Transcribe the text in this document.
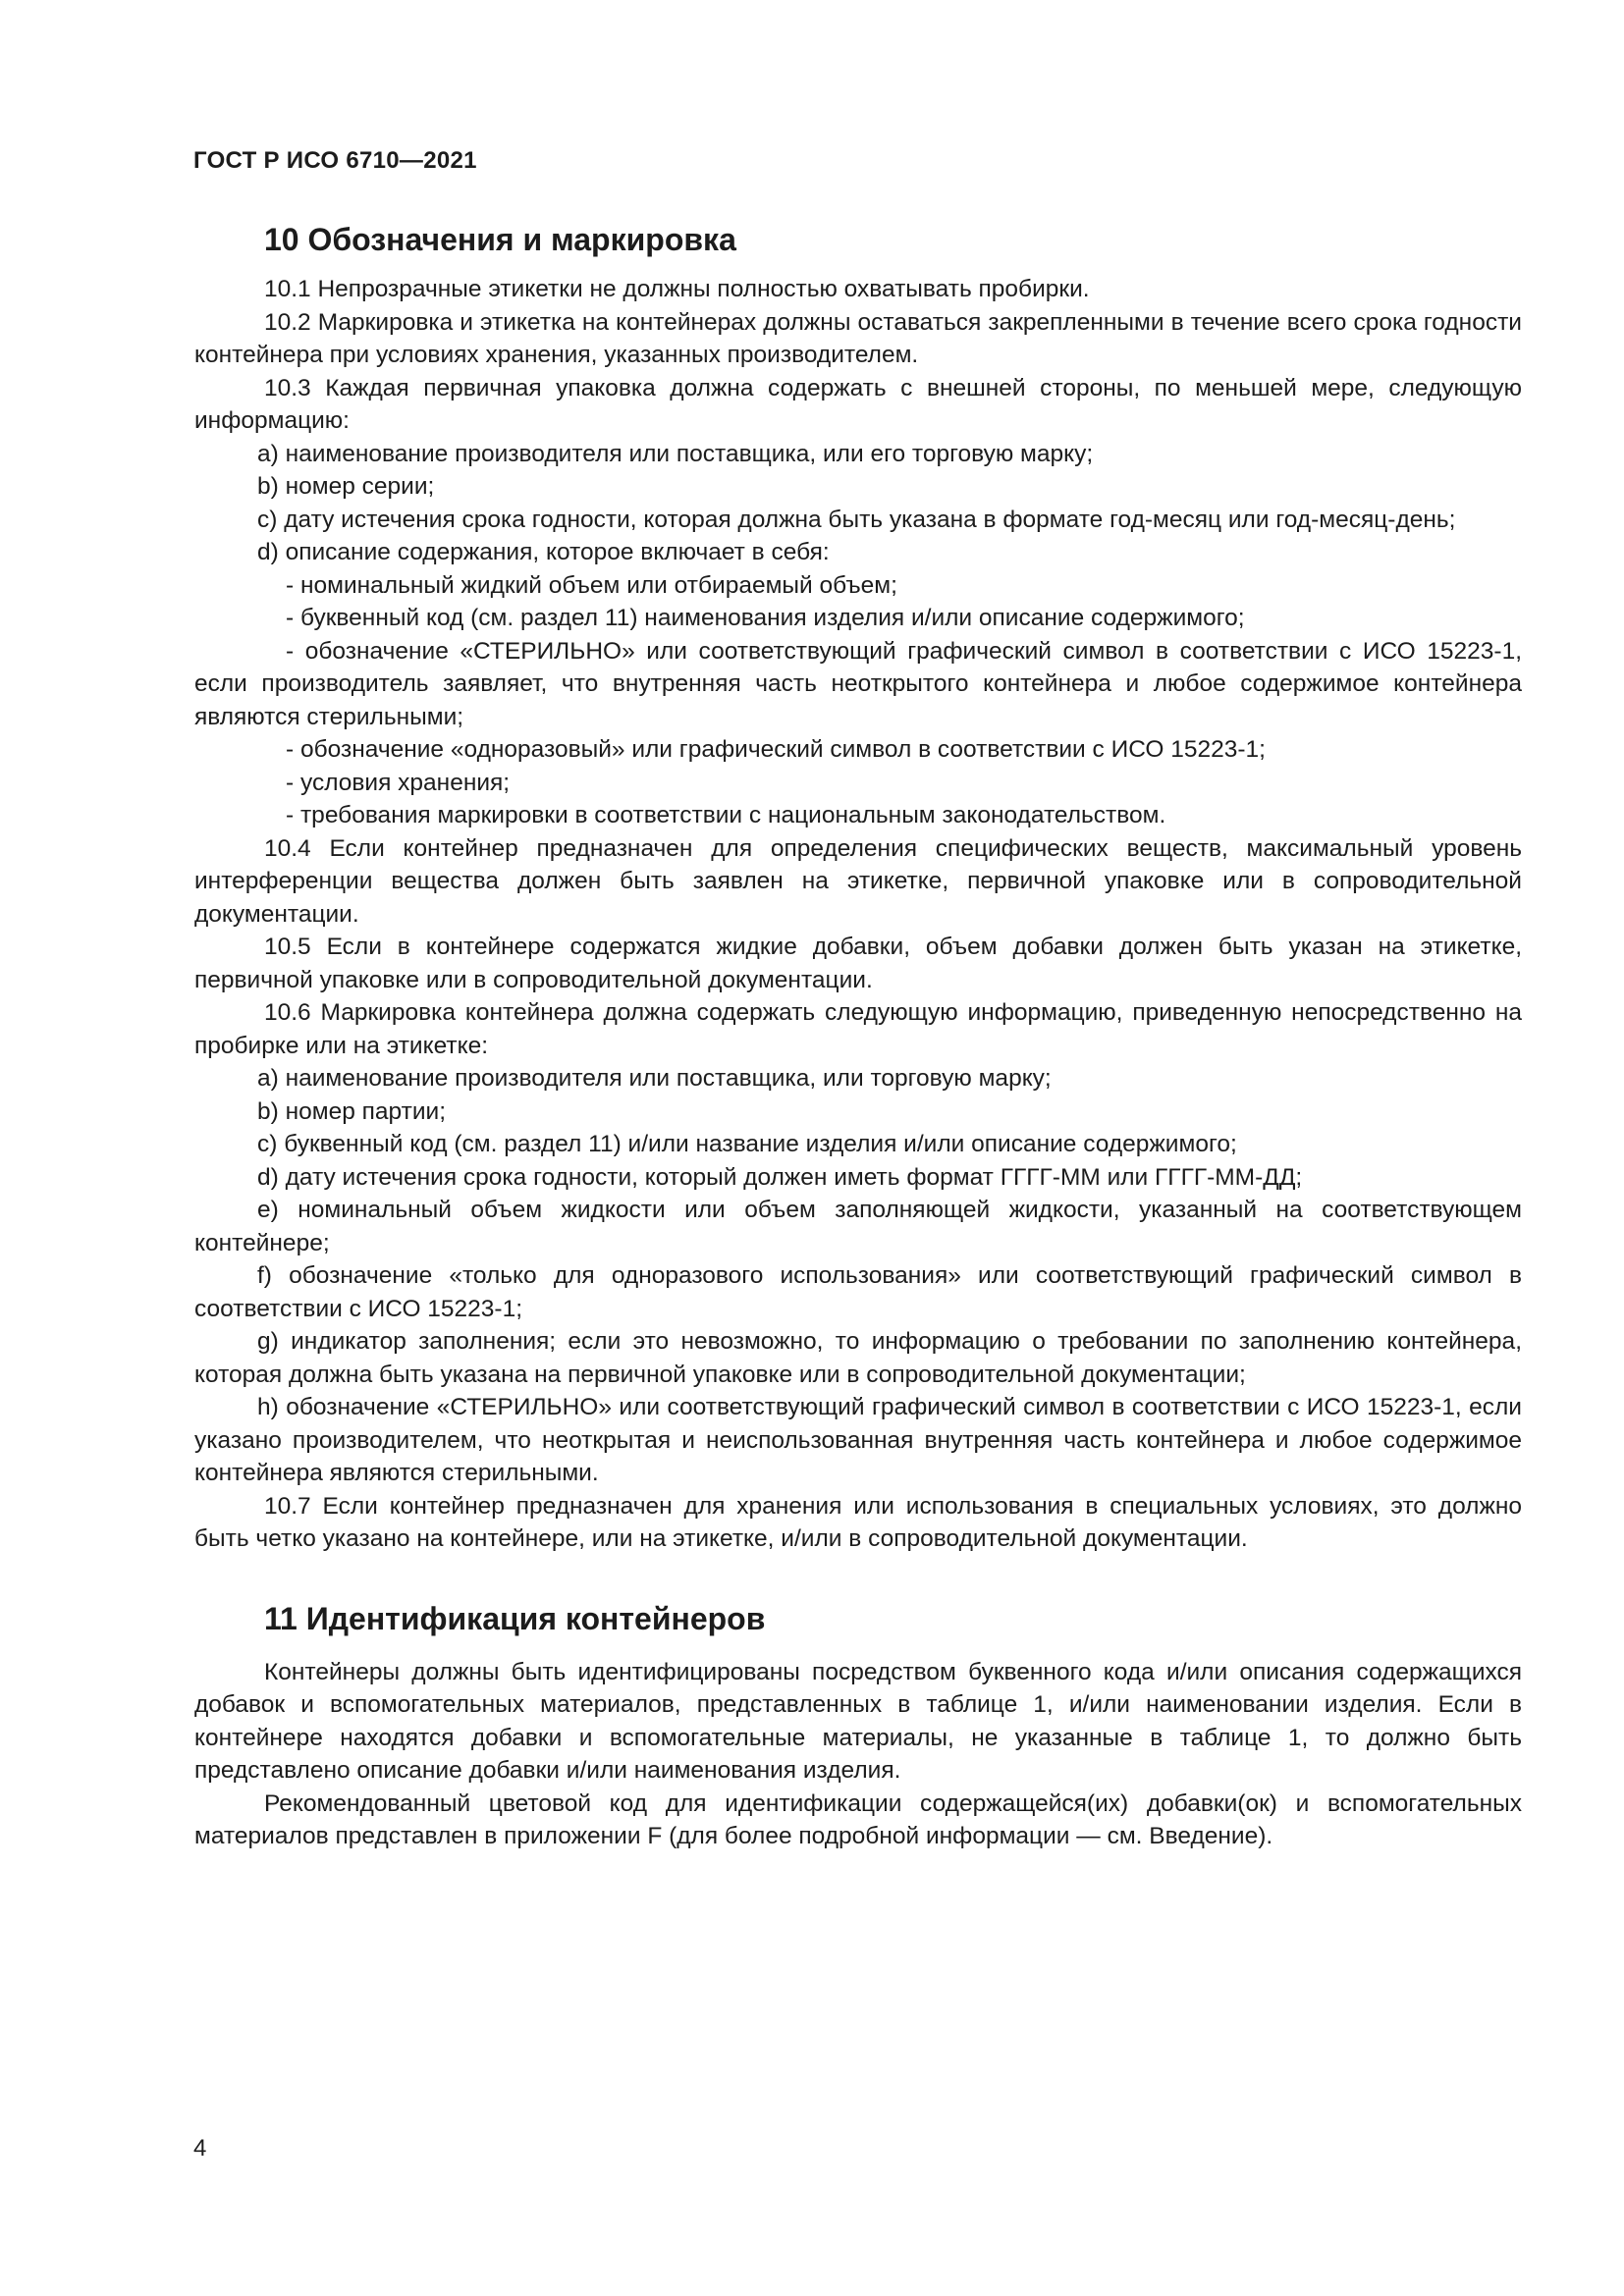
ГОСТ Р ИСО 6710—2021
10 Обозначения и маркировка

10.1 Непрозрачные этикетки не должны полностью охватывать пробирки.

10.2 Маркировка и этикетка на контейнерах должны оставаться закрепленными в течение всего срока годности контейнера при условиях хранения, указанных производителем.

10.3 Каждая первичная упаковка должна содержать с внешней стороны, по меньшей мере, следующую информацию:

a) наименование производителя или поставщика, или его торговую марку;

b) номер серии;

c) дату истечения срока годности, которая должна быть указана в формате год-месяц или год-месяц-день;

d) описание содержания, которое включает в себя:

- номинальный жидкий объем или отбираемый объем;

- буквенный код (см. раздел 11) наименования изделия и/или описание содержимого;

- обозначение «СТЕРИЛЬНО» или соответствующий графический символ в соответствии с ИСО 15223-1, если производитель заявляет, что внутренняя часть неоткрытого контейнера и любое содержимое контейнера являются стерильными;

- обозначение «одноразовый» или графический символ в соответствии с ИСО 15223-1;

- условия хранения;

- требования маркировки в соответствии с национальным законодательством.

10.4 Если контейнер предназначен для определения специфических веществ, максимальный уровень интерференции вещества должен быть заявлен на этикетке, первичной упаковке или в сопроводительной документации.

10.5 Если в контейнере содержатся жидкие добавки, объем добавки должен быть указан на этикетке, первичной упаковке или в сопроводительной документации.

10.6 Маркировка контейнера должна содержать следующую информацию, приведенную непосредственно на пробирке или на этикетке:

a) наименование производителя или поставщика, или торговую марку;

b) номер партии;

c) буквенный код (см. раздел 11) и/или название изделия и/или описание содержимого;

d) дату истечения срока годности, который должен иметь формат ГГГГ-ММ или ГГГГ-ММ-ДД;

e) номинальный объем жидкости или объем заполняющей жидкости, указанный на соответствующем контейнере;

f) обозначение «только для одноразового использования» или соответствующий графический символ в соответствии с ИСО 15223-1;

g) индикатор заполнения; если это невозможно, то информацию о требовании по заполнению контейнера, которая должна быть указана на первичной упаковке или в сопроводительной документации;

h) обозначение «СТЕРИЛЬНО» или соответствующий графический символ в соответствии с ИСО 15223-1, если указано производителем, что неоткрытая и неиспользованная внутренняя часть контейнера и любое содержимое контейнера являются стерильными.

10.7 Если контейнер предназначен для хранения или использования в специальных условиях, это должно быть четко указано на контейнере, или на этикетке, и/или в сопроводительной документации.

11 Идентификация контейнеров

Контейнеры должны быть идентифицированы посредством буквенного кода и/или описания содержащихся добавок и вспомогательных материалов, представленных в таблице 1, и/или наименовании изделия. Если в контейнере находятся добавки и вспомогательные материалы, не указанные в таблице 1, то должно быть представлено описание добавки и/или наименования изделия.

Рекомендованный цветовой код для идентификации содержащейся(их) добавки(ок) и вспомогательных материалов представлен в приложении F (для более подробной информации — см. Введение).

4
